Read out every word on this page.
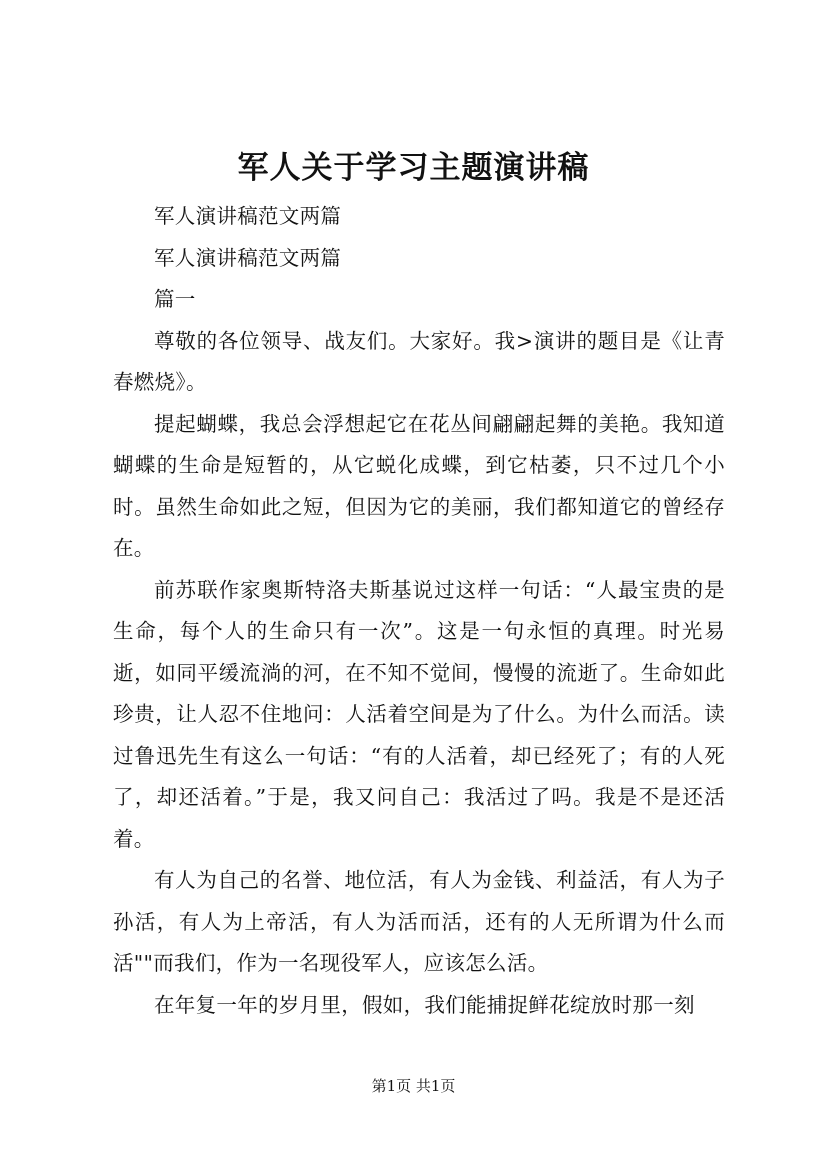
军人关于学习主题演讲稿

军人演讲稿范文两篇

军人演讲稿范文两篇

篇一

尊敬的各位领导、战友们。大家好。我>演讲的题目是《让青春燃烧》。

提起蝴蝶，我总会浮想起它在花丛间翩翩起舞的美艳。我知道蝴蝶的生命是短暂的，从它蜕化成蝶，到它枯萎，只不过几个小时。虽然生命如此之短，但因为它的美丽，我们都知道它的曾经存在。

前苏联作家奥斯特洛夫斯基说过这样一句话：“人最宝贵的是生命，每个人的生命只有一次”。这是一句永恒的真理。时光易逝，如同平缓流淌的河，在不知不觉间，慢慢的流逝了。生命如此珍贵，让人忍不住地问：人活着空间是为了什么。为什么而活。读过鲁迅先生有这么一句话：“有的人活着，却已经死了；有的人死了，却还活着。”于是，我又问自己：我活过了吗。我是不是还活着。

有人为自己的名誉、地位活，有人为金钱、利益活，有人为子孙活，有人为上帝活，有人为活而活，还有的人无所谓为什么而活""而我们，作为一名现役军人，应该怎么活。

在年复一年的岁月里，假如，我们能捕捉鲜花绽放时那一刻

第1页 共1页
